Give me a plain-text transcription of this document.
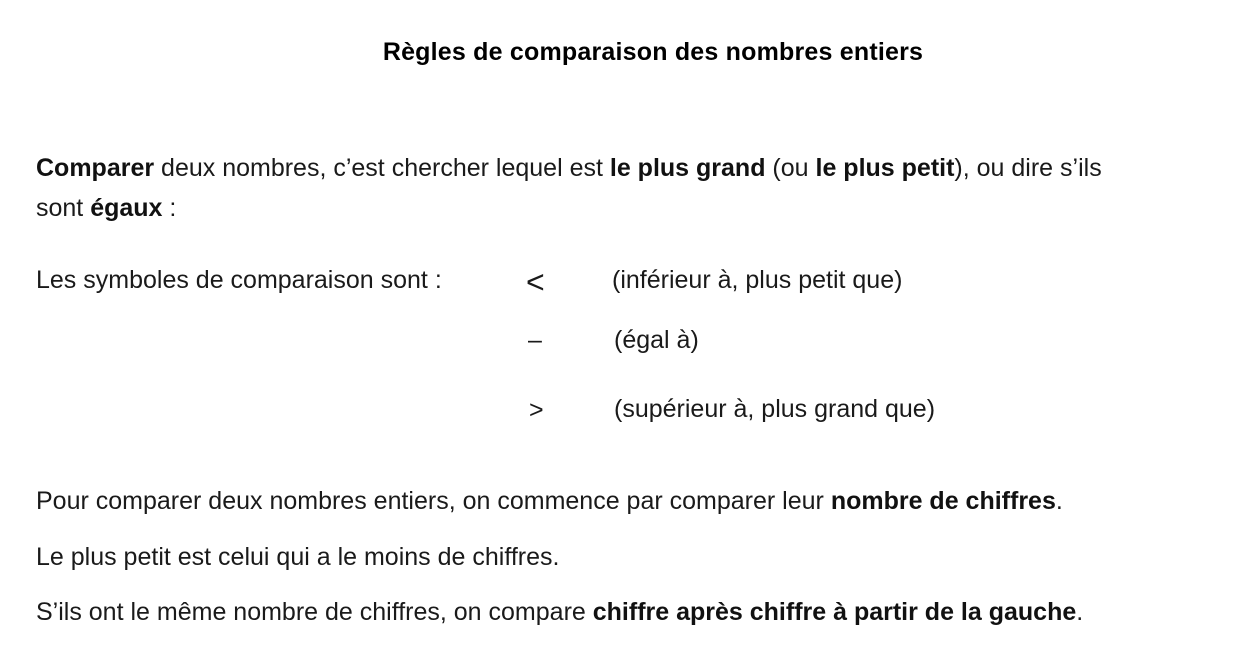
Règles de comparaison des nombres entiers
Comparer deux nombres, c’est chercher lequel est le plus grand (ou le plus petit), ou dire s’ils
sont égaux :
Les symboles de comparaison sont :	<	(inférieur à, plus petit que)
–	(égal à)
>	(supérieur à, plus grand que)
Pour comparer deux nombres entiers, on commence par comparer leur nombre de chiffres.
Le plus petit est celui qui a le moins de chiffres.
S’ils ont le même nombre de chiffres, on compare chiffre après chiffre à partir de la gauche.
